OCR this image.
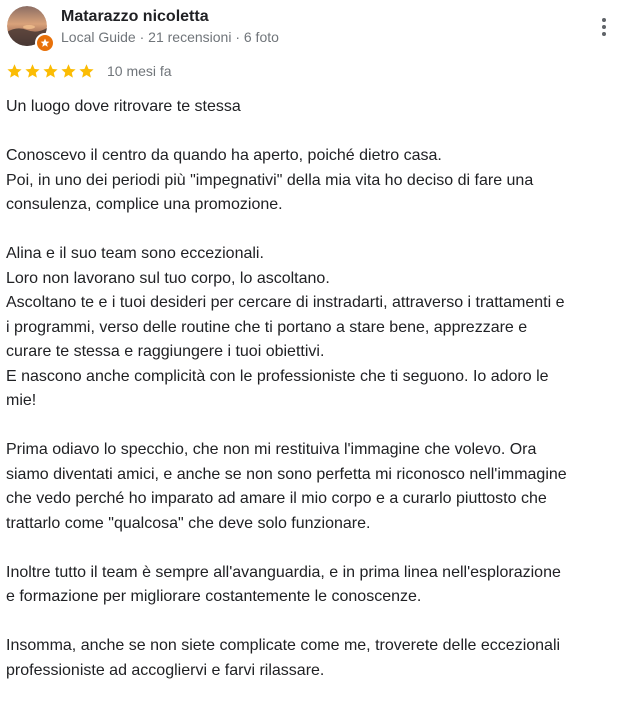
Matarazzo nicoletta
Local Guide · 21 recensioni · 6 foto
10 mesi fa
Un luogo dove ritrovare te stessa
Conoscevo il centro da quando ha aperto, poiché dietro casa.
Poi, in uno dei periodi più "impegnativi" della mia vita ho deciso di fare una
consulenza, complice una promozione.
Alina e il suo team sono eccezionali.
Loro non lavorano sul tuo corpo, lo ascoltano.
Ascoltano te e i tuoi desideri per cercare di instradarti, attraverso i trattamenti e
i programmi, verso delle routine che ti portano a stare bene, apprezzare e
curare te stessa e raggiungere i tuoi obiettivi.
E nascono anche complicità con le professioniste che ti seguono. Io adoro le
mie!
Prima odiavo lo specchio, che non mi restituiva l'immagine che volevo. Ora
siamo diventati amici, e anche se non sono perfetta mi riconosco nell'immagine
che vedo perché ho imparato ad amare il mio corpo e a curarlo piuttosto che
trattarlo come "qualcosa" che deve solo funzionare.
Inoltre tutto il team è sempre all'avanguardia, e in prima linea nell'esplorazione
e formazione per migliorare costantemente le conoscenze.
Insomma, anche se non siete complicate come me, troverete delle eccezionali
professioniste ad accogliervi e farvi rilassare.
